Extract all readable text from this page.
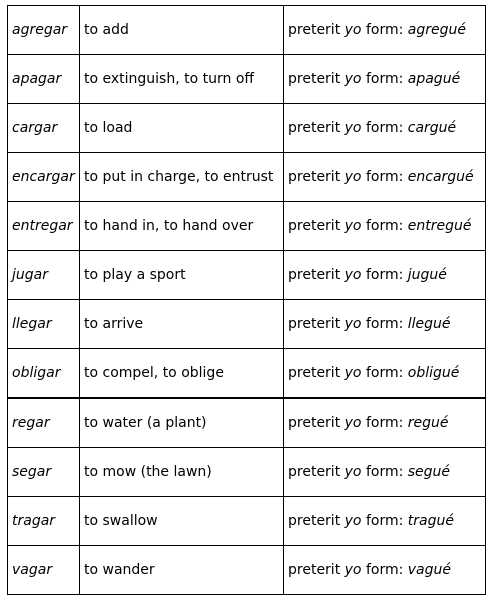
agregar	to add	preterit yo form: agregué
apagar	to extinguish, to turn off	preterit yo form: apagué
cargar	to load	preterit yo form: cargué
encargar	to put in charge, to entrust	preterit yo form: encargué
entregar	to hand in, to hand over	preterit yo form: entregué
jugar	to play a sport	preterit yo form: jugué
llegar	to arrive	preterit yo form: llegué
obligar	to compel, to oblige	preterit yo form: obligué
regar	to water (a plant)	preterit yo form: regué
segar	to mow (the lawn)	preterit yo form: segué
tragar	to swallow	preterit yo form: tragué
vagar	to wander	preterit yo form: vagué
